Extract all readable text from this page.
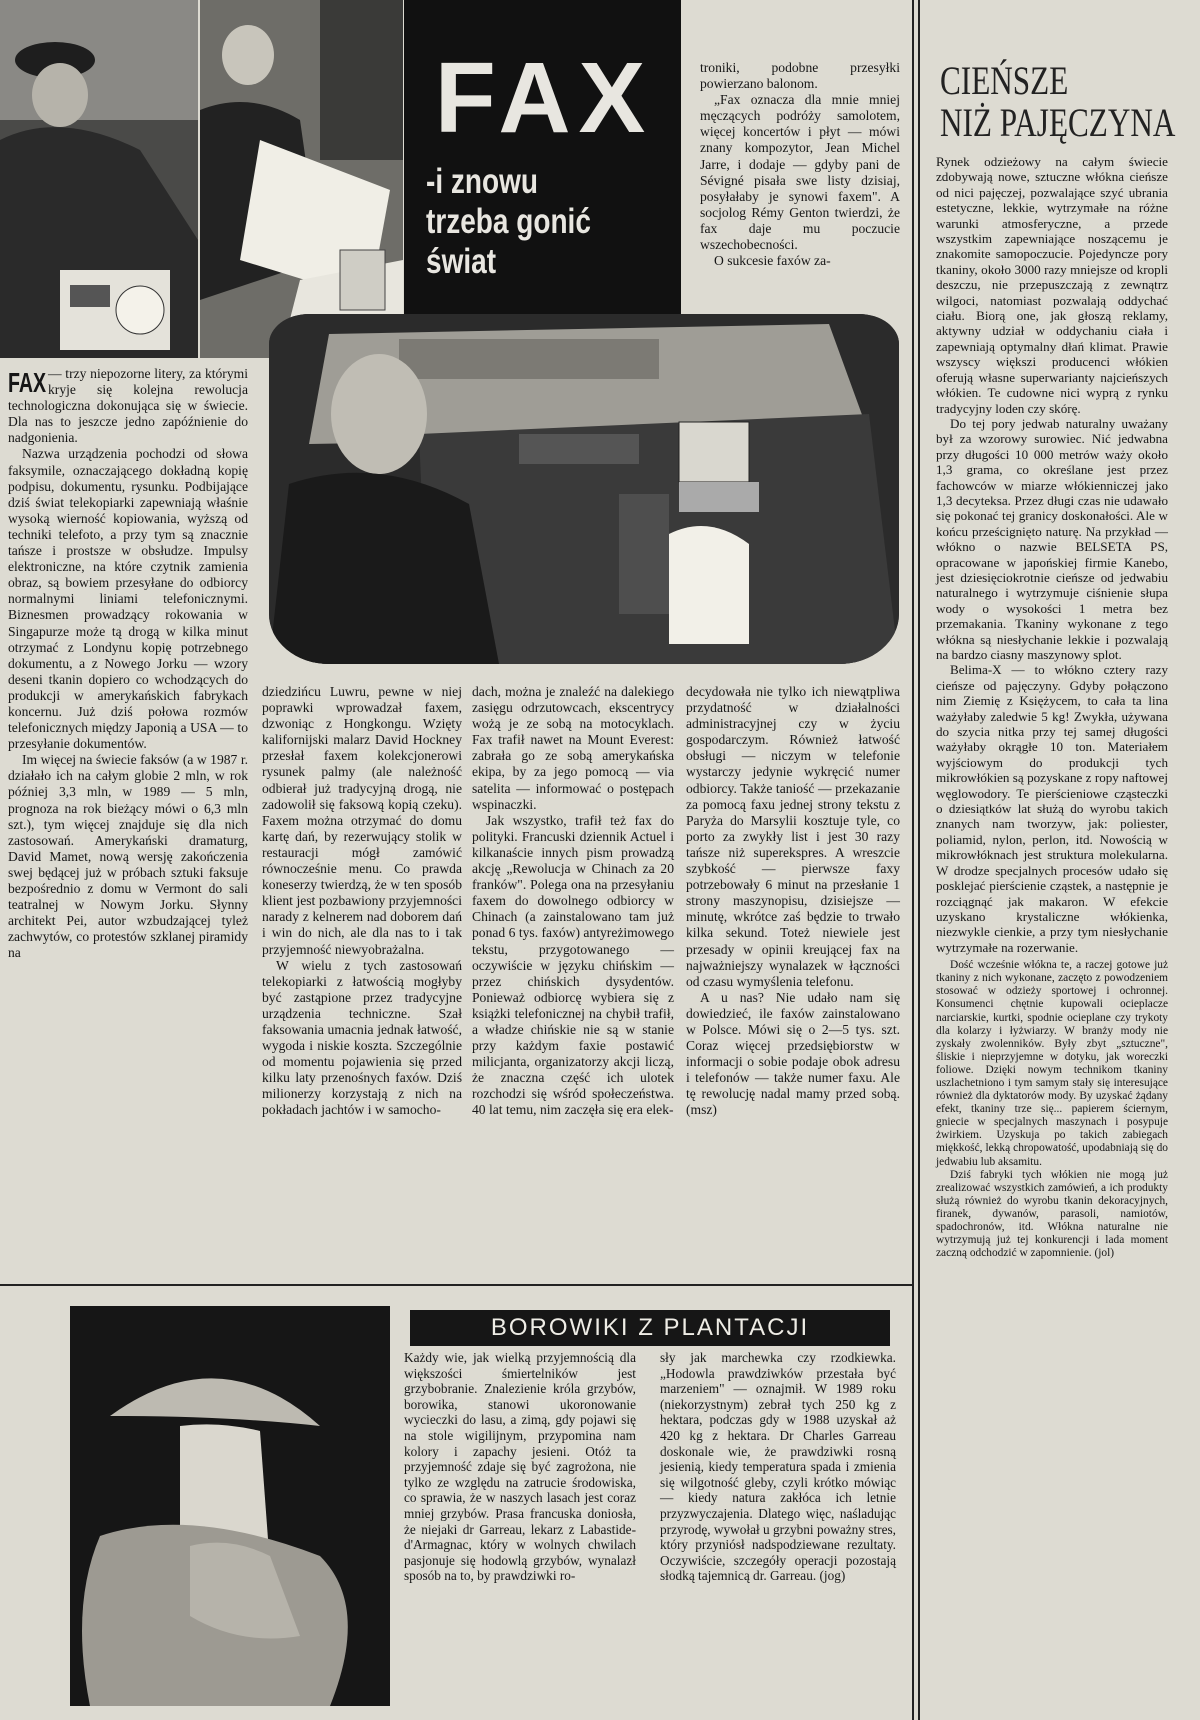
FAX
-i znowu trzeba gonić świat

FAX — trzy niepozorne litery, za którymi kryje się kolejna rewolucja technologiczna dokonująca się w świecie. Dla nas to jeszcze jedno zapóźnienie do nadgonienia.

Nazwa urządzenia pochodzi od słowa faksymile, oznaczającego dokładną kopię podpisu, dokumentu, rysunku. Podbijające dziś świat telekopiarki zapewniają właśnie wysoką wierność kopiowania, wyższą od techniki telefoto, a przy tym są znacznie tańsze i prostsze w obsłudze. Impulsy elektroniczne, na które czytnik zamienia obraz, są bowiem przesyłane do odbiorcy normalnymi liniami telefonicznymi. Biznesmen prowadzący rokowania w Singapurze może tą drogą w kilka minut otrzymać z Londynu kopię potrzebnego dokumentu, a z Nowego Jorku — wzory deseni tkanin dopiero co wchodzących do produkcji w amerykańskich fabrykach koncernu. Już dziś połowa rozmów telefonicznych między Japonią a USA — to przesyłanie dokumentów.

Im więcej na świecie faksów (a w 1987 r. działało ich na całym globie 2 mln, w rok później 3,3 mln, w 1989 — 5 mln, prognoza na rok bieżący mówi o 6,3 mln szt.), tym więcej znajduje się dla nich zastosowań. Amerykański dramaturg, David Mamet, nową wersję zakończenia swej będącej już w próbach sztuki faksuje bezpośrednio z domu w Vermont do sali teatralnej w Nowym Jorku. Słynny architekt Pei, autor wzbudzającej tyleż zachwytów, co protestów szklanej piramidy na

dziedzińcu Luwru, pewne w niej poprawki wprowadzał faxem, dzwoniąc z Hongkongu. Wzięty kalifornijski malarz David Hockney przesłał faxem kolekcjonerowi rysunek palmy (ale należność odbierał już tradycyjną drogą, nie zadowolił się faksową kopią czeku). Faxem można otrzymać do domu kartę dań, by rezerwujący stolik w restauracji mógł zamówić równocześnie menu. Co prawda koneserzy twierdzą, że w ten sposób klient jest pozbawiony przyjemności narady z kelnerem nad doborem dań i win do nich, ale dla nas to i tak przyjemność niewyobrażalna.

W wielu z tych zastosowań telekopiarki z łatwością mogłyby być zastąpione przez tradycyjne urządzenia techniczne. Szał faksowania umacnia jednak łatwość, wygoda i niskie koszta. Szczególnie od momentu pojawienia się przed kilku laty przenośnych faxów. Dziś milionerzy korzystają z nich na pokładach jachtów i w samocho-

dach, można je znaleźć na dalekiego zasięgu odrzutowcach, ekscentrycy wożą je ze sobą na motocyklach. Fax trafił nawet na Mount Everest: zabrała go ze sobą amerykańska ekipa, by za jego pomocą — via satelita — informować o postępach wspinaczki.

Jak wszystko, trafił też fax do polityki. Francuski dziennik Actuel i kilkanaście innych pism prowadzą akcję „Rewolucja w Chinach za 20 franków". Polega ona na przesyłaniu faxem do dowolnego odbiorcy w Chinach (a zainstalowano tam już ponad 6 tys. faxów) antyreżimowego tekstu, przygotowanego — oczywiście w języku chińskim — przez chińskich dysydentów. Ponieważ odbiorcę wybiera się z książki telefonicznej na chybił trafił, a władze chińskie nie są w stanie przy każdym faxie postawić milicjanta, organizatorzy akcji liczą, że znaczna część ich ulotek rozchodzi się wśród społeczeństwa. 40 lat temu, nim zaczęła się era elek-

troniki, podobne przesyłki powierzano balonom.

„Fax oznacza dla mnie mniej męczących podróży samolotem, więcej koncertów i płyt — mówi znany kompozytor, Jean Michel Jarre, i dodaje — gdyby pani de Sévigné pisała swe listy dzisiaj, posyłałaby je synowi faxem". A socjolog Rémy Genton twierdzi, że fax daje mu poczucie wszechobecności.

O sukcesie faxów za-

decydowała nie tylko ich niewątpliwa przydatność w działalności administracyjnej czy w życiu gospodarczym. Również łatwość obsługi — niczym w telefonie wystarczy jedynie wykręcić numer odbiorcy. Także taniość — przekazanie za pomocą faxu jednej strony tekstu z Paryża do Marsylii kosztuje tyle, co porto za zwykły list i jest 30 razy tańsze niż superekspres. A wreszcie szybkość — pierwsze faxy potrzebowały 6 minut na przesłanie 1 strony maszynopisu, dzisiejsze — minutę, wkrótce zaś będzie to trwało kilka sekund. Toteż niewiele jest przesady w opinii kreującej fax na najważniejszy wynalazek w łączności od czasu wymyślenia telefonu.

A u nas? Nie udało nam się dowiedzieć, ile faxów zainstalowano w Polsce. Mówi się o 2—5 tys. szt. Coraz więcej przedsiębiorstw w informacji o sobie podaje obok adresu i telefonów — także numer faxu. Ale tę rewolucję nadal mamy przed sobą. (msz)

CIEŃSZE
NIŻ PAJĘCZYNA

Rynek odzieżowy na całym świecie zdobywają nowe, sztuczne włókna cieńsze od nici pajęczej, pozwalające szyć ubrania estetyczne, lekkie, wytrzymałe na różne warunki atmosferyczne, a przede wszystkim zapewniające noszącemu je znakomite samopoczucie. Pojedyncze pory tkaniny, około 3000 razy mniejsze od kropli deszczu, nie przepuszczają z zewnątrz wilgoci, natomiast pozwalają oddychać ciału. Biorą one, jak głoszą reklamy, aktywny udział w oddychaniu ciała i zapewniają optymalny dłań klimat. Prawie wszyscy większi producenci włókien oferują własne superwarianty najcieńszych włókien. Te cudowne nici wyprą z rynku tradycyjny loden czy skórę.

Do tej pory jedwab naturalny uważany był za wzorowy surowiec. Nić jedwabna przy długości 10 000 metrów waży około 1,3 grama, co określane jest przez fachowców w miarze włókienniczej jako 1,3 decyteksa. Przez długi czas nie udawało się pokonać tej granicy doskonałości. Ale w końcu prześcignięto naturę. Na przykład — włókno o nazwie BELSETA PS, opracowane w japońskiej firmie Kanebo, jest dziesięciokrotnie cieńsze od jedwabiu naturalnego i wytrzymuje ciśnienie słupa wody o wysokości 1 metra bez przemakania. Tkaniny wykonane z tego włókna są niesłychanie lekkie i pozwalają na bardzo ciasny maszynowy splot.

Belima-X — to włókno cztery razy cieńsze od pajęczyny. Gdyby połączono nim Ziemię z Księżycem, to cała ta lina ważyłaby zaledwie 5 kg! Zwykła, używana do szycia nitka przy tej samej długości ważyłaby okrągłe 10 ton. Materiałem wyjściowym do produkcji tych mikrowłókien są pozyskane z ropy naftowej węglowodory. Te pierścieniowe cząsteczki o dziesiątków lat służą do wyrobu takich znanych nam tworzyw, jak: poliester, poliamid, nylon, perlon, itd. Nowością w mikrowłóknach jest struktura molekularna. W drodze specjalnych procesów udało się posklejać pierścienie cząstek, a następnie je rozciągnąć jak makaron. W efekcie uzyskano krystaliczne włókienka, niezwykle cienkie, a przy tym niesłychanie wytrzymałe na rozerwanie.

Dość wcześnie włókna te, a raczej gotowe już tkaniny z nich wykonane, zaczęto z powodzeniem stosować w odzieży sportowej i ochronnej. Konsumenci chętnie kupowali ocieplacze narciarskie, kurtki, spodnie ocieplane czy trykoty dla kolarzy i łyżwiarzy. W branży mody nie zyskały zwolenników. Były zbyt „sztuczne", śliskie i nieprzyjemne w dotyku, jak woreczki foliowe. Dzięki nowym technikom tkaniny uszlachetniono i tym samym stały się interesujące również dla dyktatorów mody. By uzyskać żądany efekt, tkaniny trze się... papierem ściernym, gniecie w specjalnych maszynach i posypuje żwirkiem. Uzyskuja po takich zabiegach miękkość, lekką chropowatość, upodabniają się do jedwabiu lub aksamitu.

Dziś fabryki tych włókien nie mogą już zrealizować wszystkich zamówień, a ich produkty służą również do wyrobu tkanin dekoracyjnych, firanek, dywanów, parasoli, namiotów, spadochronów, itd. Włókna naturalne nie wytrzymują już tej konkurencji i lada moment zaczną odchodzić w zapomnienie. (jol)

BOROWIKI Z PLANTACJI

Każdy wie, jak wielką przyjemnością dla większości śmiertelników jest grzybobranie. Znalezienie króla grzybów, borowika, stanowi ukoronowanie wycieczki do lasu, a zimą, gdy pojawi się na stole wigilijnym, przypomina nam kolory i zapachy jesieni. Otóż ta przyjemność zdaje się być zagrożona, nie tylko ze względu na zatrucie środowiska, co sprawia, że w naszych lasach jest coraz mniej grzybów. Prasa francuska doniosła, że niejaki dr Garreau, lekarz z Labastide-d'Armagnac, który w wolnych chwilach pasjonuje się hodowlą grzybów, wynalazł sposób na to, by prawdziwki ro-

sły jak marchewka czy rzodkiewka. „Hodowla prawdziwków przestała być marzeniem" — oznajmił. W 1989 roku (niekorzystnym) zebrał tych 250 kg z hektara, podczas gdy w 1988 uzyskał aż 420 kg z hektara. Dr Charles Garreau doskonale wie, że prawdziwki rosną jesienią, kiedy temperatura spada i zmienia się wilgotność gleby, czyli krótko mówiąc — kiedy natura zakłóca ich letnie przyzwyczajenia. Dlatego więc, naśladując przyrodę, wywołał u grzybni poważny stres, który przyniósł nadspodziewane rezultaty. Oczywiście, szczegóły operacji pozostają słodką tajemnicą dr. Garreau. (jog)
